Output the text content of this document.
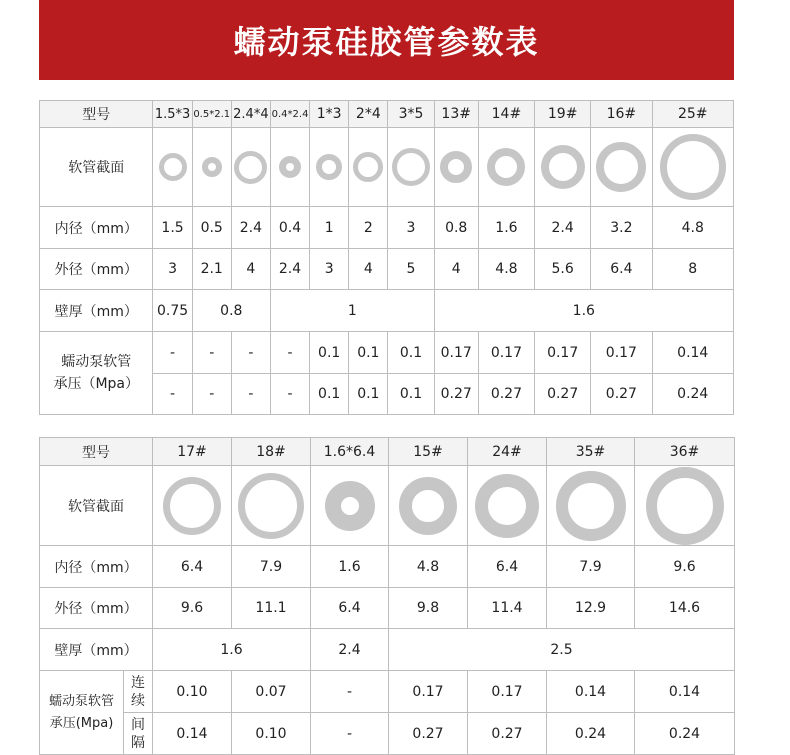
蠕动泵硅胶管参数表
型号	1.5*3	0.5*2.1	2.4*4	0.4*2.4	1*3	2*4	3*5	13#	14#	19#	16#	25#
软管截面	

内径（mm）	1.5	0.5	2.4	0.4	1	2	3	0.8	1.6	2.4	3.2	4.8
外径（mm）	3	2.1	4	2.4	3	4	5	4	4.8	5.6	6.4	8
壁厚（mm）	0.75	0.8		1				1.6				
蠕动泵软管
承压（Mpa）	-	-	-	-	0.1	0.1	0.1	0.17	0.17	0.17	0.17	0.14
	-	-	-	-	0.1	0.1	0.1	0.27	0.27	0.27	0.27	0.24
型号		17#	18#	1.6*6.4	15#	24#	35#	36#
软管截面		

内径（mm）		6.4	7.9	1.6	4.8	6.4	7.9	9.6
外径（mm）		9.6	11.1	6.4	9.8	11.4	12.9	14.6
壁厚（mm）		1.6		2.4	2.5			
蠕动泵软管
承压(Mpa)	连续	0.10	0.07	-	0.17	0.17	0.14	0.14
	间隔	0.14	0.10	-	0.27	0.27	0.24	0.24
